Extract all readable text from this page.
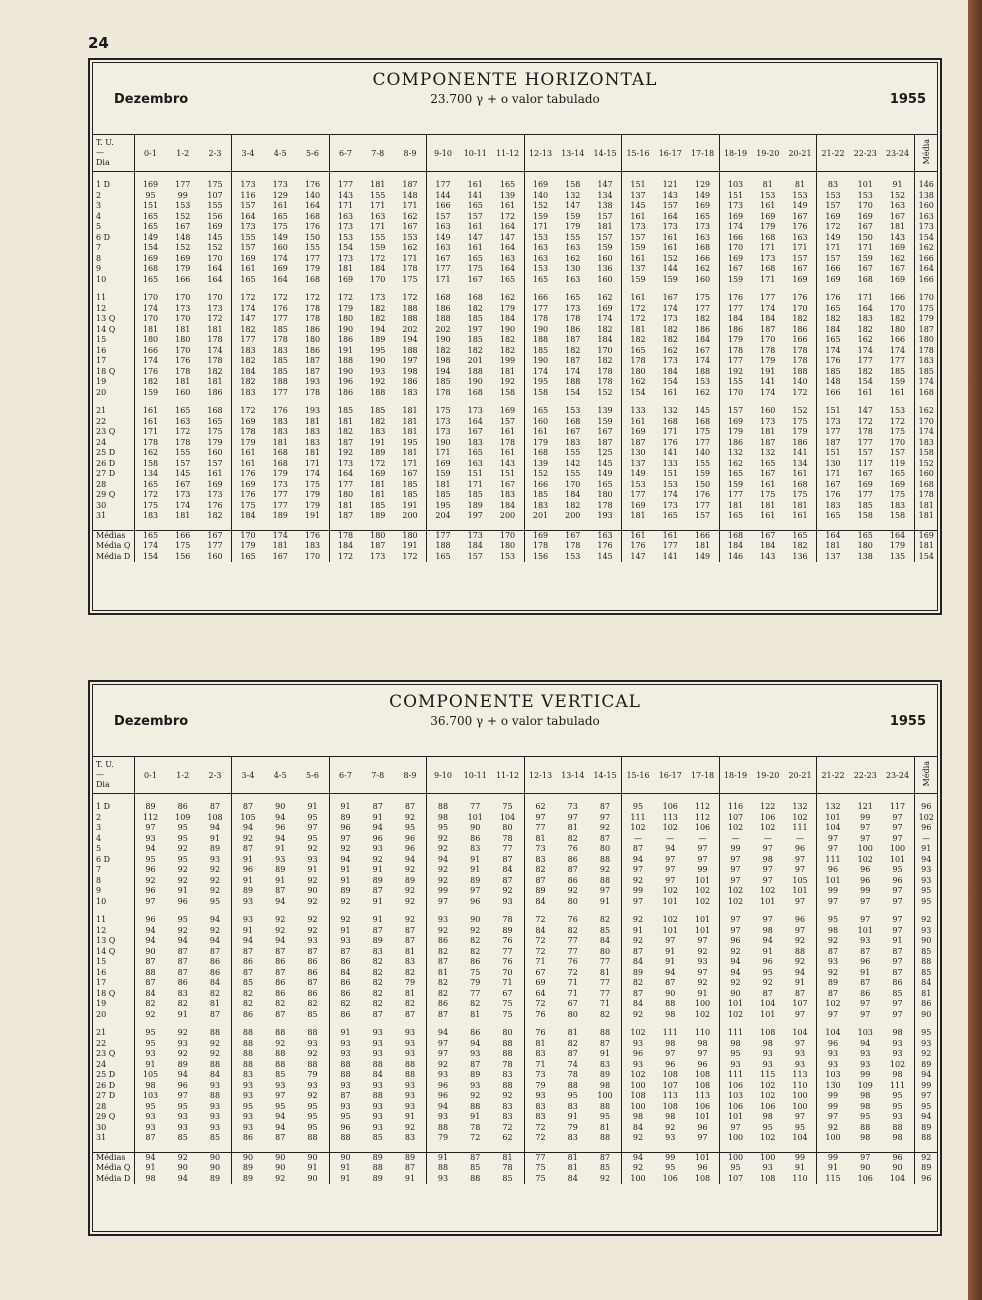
24
COMPONENTE HORIZONTAL
Dezembro	23.700 γ + o valor tabulado	1955
T. U.
—
Dia	0-1	1-2	2-3	3-4	4-5	5-6	6-7	7-8	8-9	9-10	10-11	11-12	12-13	13-14	14-15	15-16	16-17	17-18	18-19	19-20	20-21	21-22	22-23	23-24	Média

1 D	169	177	175	173	173	176	177	181	187	177	161	165	169	158	147	151	121	129	103	81	81	83	101	91	146
2	95	99	107	116	129	140	143	155	148	144	141	139	140	132	134	137	143	149	151	153	153	153	153	152	138
3	151	153	155	157	161	164	171	171	171	166	165	161	152	147	138	145	157	169	173	161	149	157	170	163	160
4	165	152	156	164	165	168	163	163	162	157	157	172	159	159	157	161	164	165	169	169	167	169	169	167	163
5	165	167	169	173	175	176	173	171	167	163	161	164	171	179	181	173	173	173	174	179	176	172	167	181	173
6 D	149	148	145	155	149	150	153	155	153	149	147	147	153	155	157	157	161	163	166	168	163	149	150	143	154
7	154	152	152	157	160	155	154	159	162	163	161	164	163	163	159	159	161	168	170	171	171	171	171	169	162
8	169	169	170	169	174	177	173	172	171	167	165	163	163	162	160	161	152	166	169	173	157	157	159	162	166
9	168	179	164	161	169	179	181	184	178	177	175	164	153	130	136	137	144	162	167	168	167	166	167	167	164
10	165	166	164	165	164	168	169	170	175	171	167	165	165	163	160	159	159	160	159	171	169	169	168	169	166

11	170	170	170	172	172	172	172	173	172	168	168	162	166	165	162	161	167	175	176	177	176	176	171	166	170
12	174	173	173	174	176	178	179	182	188	186	182	179	177	173	169	172	174	177	177	174	170	165	164	170	175
13 Q	170	170	172	147	177	178	180	182	188	188	185	184	178	178	174	172	173	182	184	184	182	182	183	182	179
14 Q	181	181	181	182	185	186	190	194	202	202	197	190	190	186	182	181	182	186	186	187	186	184	182	180	187
15	180	180	178	177	178	180	186	189	194	190	185	182	188	187	184	182	182	184	179	170	166	165	162	166	180
16	166	170	174	183	183	186	191	195	188	182	182	182	185	182	170	165	162	167	178	178	178	174	174	174	178
17	174	176	178	182	185	187	188	190	197	198	201	199	190	187	182	178	173	174	177	179	178	176	177	177	183
18 Q	176	178	182	184	185	187	190	193	198	194	188	181	174	174	178	180	184	188	192	191	188	185	182	185	185
19	182	181	181	182	188	193	196	192	186	185	190	192	195	188	178	162	154	153	155	141	140	148	154	159	174
20	159	160	186	183	177	178	186	188	183	178	168	158	158	154	152	154	161	162	170	174	172	166	161	161	168

21	161	165	168	172	176	193	185	185	181	175	173	169	165	153	139	133	132	145	157	160	152	151	147	153	162
22	161	163	165	169	183	181	181	182	181	173	164	157	160	168	159	161	168	168	169	173	175	173	172	172	170
23 Q	171	172	175	178	183	183	182	183	181	173	167	161	161	167	167	169	171	175	179	181	179	177	178	175	174
24	178	178	179	179	181	183	187	191	195	190	183	178	179	183	187	187	176	177	186	187	186	187	177	170	183
25 D	162	155	160	161	168	181	192	189	181	171	165	161	168	155	125	130	141	140	132	132	141	151	157	157	158
26 D	158	157	157	161	168	171	173	172	171	169	163	143	139	142	145	137	133	155	162	165	134	130	117	119	152
27 D	134	145	161	176	179	174	164	169	167	159	151	151	152	155	149	149	151	159	165	167	161	171	167	165	160
28	165	167	169	169	173	175	177	181	185	181	171	167	166	170	165	153	153	150	159	161	168	167	169	169	168
29 Q	172	173	173	176	177	179	180	181	185	185	185	183	185	184	180	177	174	176	177	175	175	176	177	175	178
30	175	174	176	175	177	179	181	185	191	195	189	184	183	182	178	169	173	177	181	181	181	183	185	183	181
31	183	181	182	184	189	191	187	189	200	204	197	200	201	200	193	181	165	157	165	161	161	165	158	158	181

Médias	165	166	167	170	174	176	178	180	180	177	173	170	169	167	163	161	161	166	168	167	165	164	165	164	169
Média Q	174	175	177	179	181	183	184	187	191	188	184	180	178	178	176	176	177	181	184	184	182	181	180	179	181
Média D	154	156	160	165	167	170	172	173	172	165	157	153	156	153	145	147	141	149	146	143	136	137	138	135	154
COMPONENTE VERTICAL
Dezembro	36.700 γ + o valor tabulado	1955
T. U.
—
Dia	0-1	1-2	2-3	3-4	4-5	5-6	6-7	7-8	8-9	9-10	10-11	11-12	12-13	13-14	14-15	15-16	16-17	17-18	18-19	19-20	20-21	21-22	22-23	23-24	Média

1 D	89	86	87	87	90	91	91	87	87	88	77	75	62	73	87	95	106	112	116	122	132	132	121	117	96
2	112	109	108	105	94	95	89	91	92	98	101	104	97	97	97	111	113	112	107	106	102	101	99	97	102
3	97	95	94	94	96	97	96	94	95	95	90	80	77	81	92	102	102	106	102	102	111	104	97	97	96
4	93	95	91	92	94	95	97	96	96	92	86	78	81	82	87	—	—	—	—	—	—	97	97	97	—
5	94	92	89	87	91	92	92	93	96	92	83	77	73	76	80	87	94	97	99	97	96	97	100	100	91
6 D	95	95	93	91	93	93	94	92	94	94	91	87	83	86	88	94	97	97	97	98	97	111	102	101	94
7	96	92	92	96	89	91	91	91	92	92	91	84	82	87	92	97	97	99	97	97	97	96	96	95	93
8	92	92	92	91	91	92	91	89	89	92	89	87	87	86	88	92	97	101	97	97	105	101	96	96	93
9	96	91	92	89	87	90	89	87	92	99	97	92	89	92	97	99	102	102	102	102	101	99	99	97	95
10	97	96	95	93	94	92	92	91	92	97	96	93	84	80	91	97	101	102	102	101	97	97	97	97	95

11	96	95	94	93	92	92	92	91	92	93	90	78	72	76	82	92	102	101	97	97	96	95	97	97	92
12	94	92	92	91	92	92	91	87	87	92	92	89	84	82	85	91	101	101	97	98	97	98	101	97	93
13 Q	94	94	94	94	94	93	93	89	87	86	82	76	72	77	84	92	97	97	96	94	92	92	93	91	90
14 Q	90	87	87	87	87	87	87	83	81	82	82	77	72	77	80	87	91	92	92	91	88	87	87	87	85
15	87	87	86	86	86	86	86	82	83	87	86	76	71	76	77	84	91	93	94	96	92	93	96	97	88
16	88	87	86	87	87	86	84	82	82	81	75	70	67	72	81	89	94	97	94	95	94	92	91	87	85
17	87	86	84	85	86	87	86	82	79	82	79	71	69	71	77	82	87	92	92	92	91	89	87	86	84
18 Q	84	83	82	82	86	86	86	82	81	82	77	67	64	71	77	87	90	91	90	87	87	87	86	85	81
19	82	82	81	82	82	82	82	82	82	86	82	75	72	67	71	84	88	100	101	104	107	102	97	97	86
20	92	91	87	86	87	85	86	87	87	87	81	75	76	80	82	92	98	102	102	101	97	97	97	97	90

21	95	92	88	88	88	88	91	93	93	94	86	80	76	81	88	102	111	110	111	108	104	104	103	98	95
22	95	93	92	88	92	93	93	93	93	97	94	88	81	82	87	93	98	98	98	98	97	96	94	93	93
23 Q	93	92	92	88	88	92	93	93	93	97	93	88	83	87	91	96	97	97	95	93	93	93	93	93	92
24	91	89	88	88	88	88	88	88	88	92	87	78	71	74	83	93	96	96	93	93	93	93	93	102	89
25 D	105	94	84	83	85	79	88	84	88	93	89	83	73	78	89	102	108	108	111	115	113	103	99	98	94
26 D	98	96	93	93	93	93	93	93	93	96	93	88	79	88	98	100	107	108	106	102	110	130	109	111	99
27 D	103	97	88	93	97	92	87	88	93	96	92	92	93	95	100	108	113	113	103	102	100	99	98	95	97
28	95	95	93	95	95	95	93	93	93	94	88	83	83	83	88	100	108	106	106	106	100	99	98	95	95
29 Q	93	93	93	93	94	95	95	93	91	93	91	83	83	91	95	98	98	101	101	98	97	97	95	93	94
30	93	93	93	93	94	95	96	93	92	88	78	72	72	79	81	84	92	96	97	95	95	92	88	88	89
31	87	85	85	86	87	88	88	85	83	79	72	62	72	83	88	92	93	97	100	102	104	100	98	98	88

Médias	94	92	90	90	90	90	90	89	89	91	87	81	77	81	87	94	99	101	100	100	99	99	97	96	92
Média Q	91	90	90	89	90	91	91	88	87	88	85	78	75	81	85	92	95	96	95	93	91	91	90	90	89
Média D	98	94	89	89	92	90	91	89	91	93	88	85	75	84	92	100	106	108	107	108	110	115	106	104	96
